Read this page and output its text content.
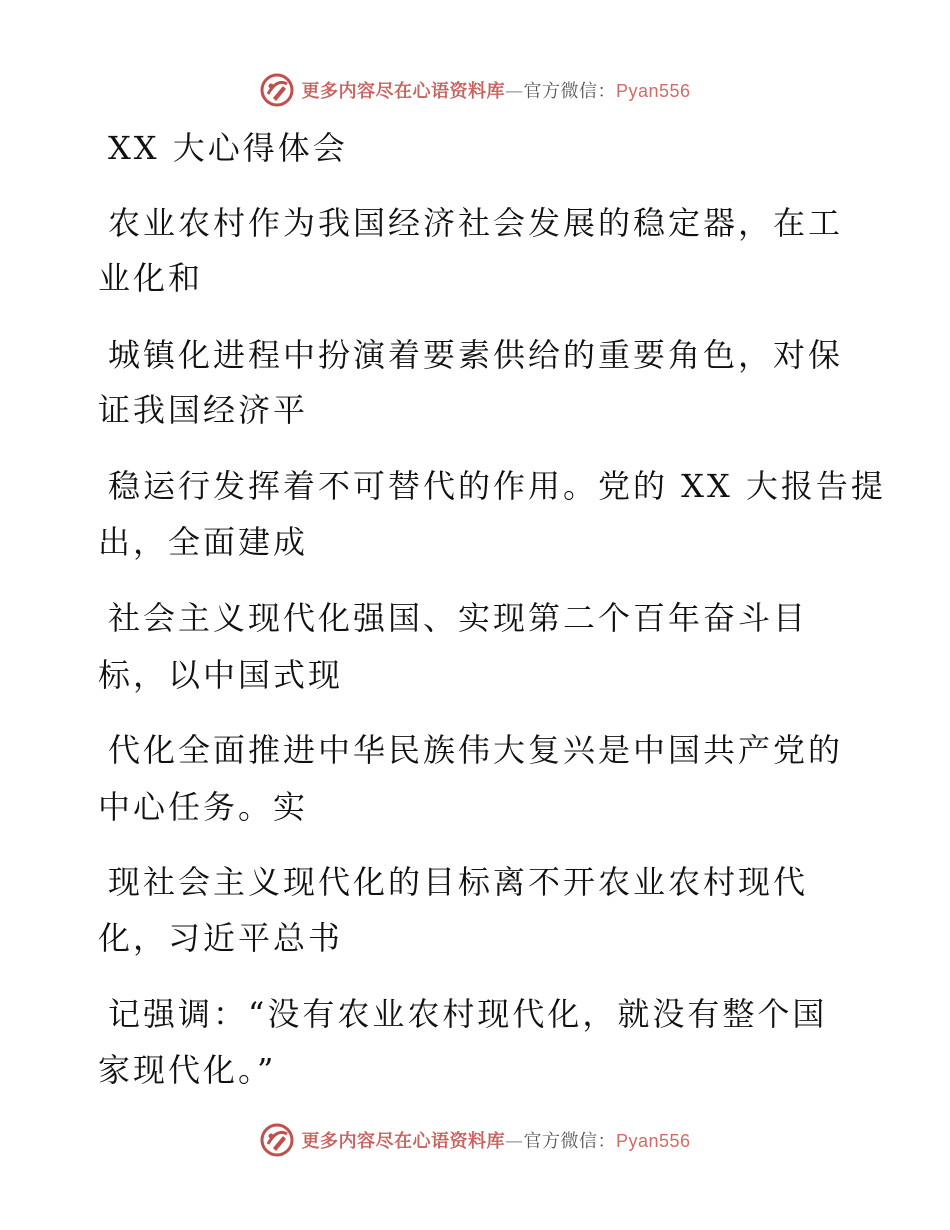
更多内容尽在心语资料库—官方微信：Pyan556
XX 大心得体会
农业农村作为我国经济社会发展的稳定器，在工
业化和
城镇化进程中扮演着要素供给的重要角色，对保
证我国经济平
稳运行发挥着不可替代的作用。党的 XX 大报告提
出，全面建成
社会主义现代化强国、实现第二个百年奋斗目
标，以中国式现
代化全面推进中华民族伟大复兴是中国共产党的
中心任务。实
现社会主义现代化的目标离不开农业农村现代
化，习近平总书
记强调：“没有农业农村现代化，就没有整个国
家现代化。”
更多内容尽在心语资料库—官方微信：Pyan556
